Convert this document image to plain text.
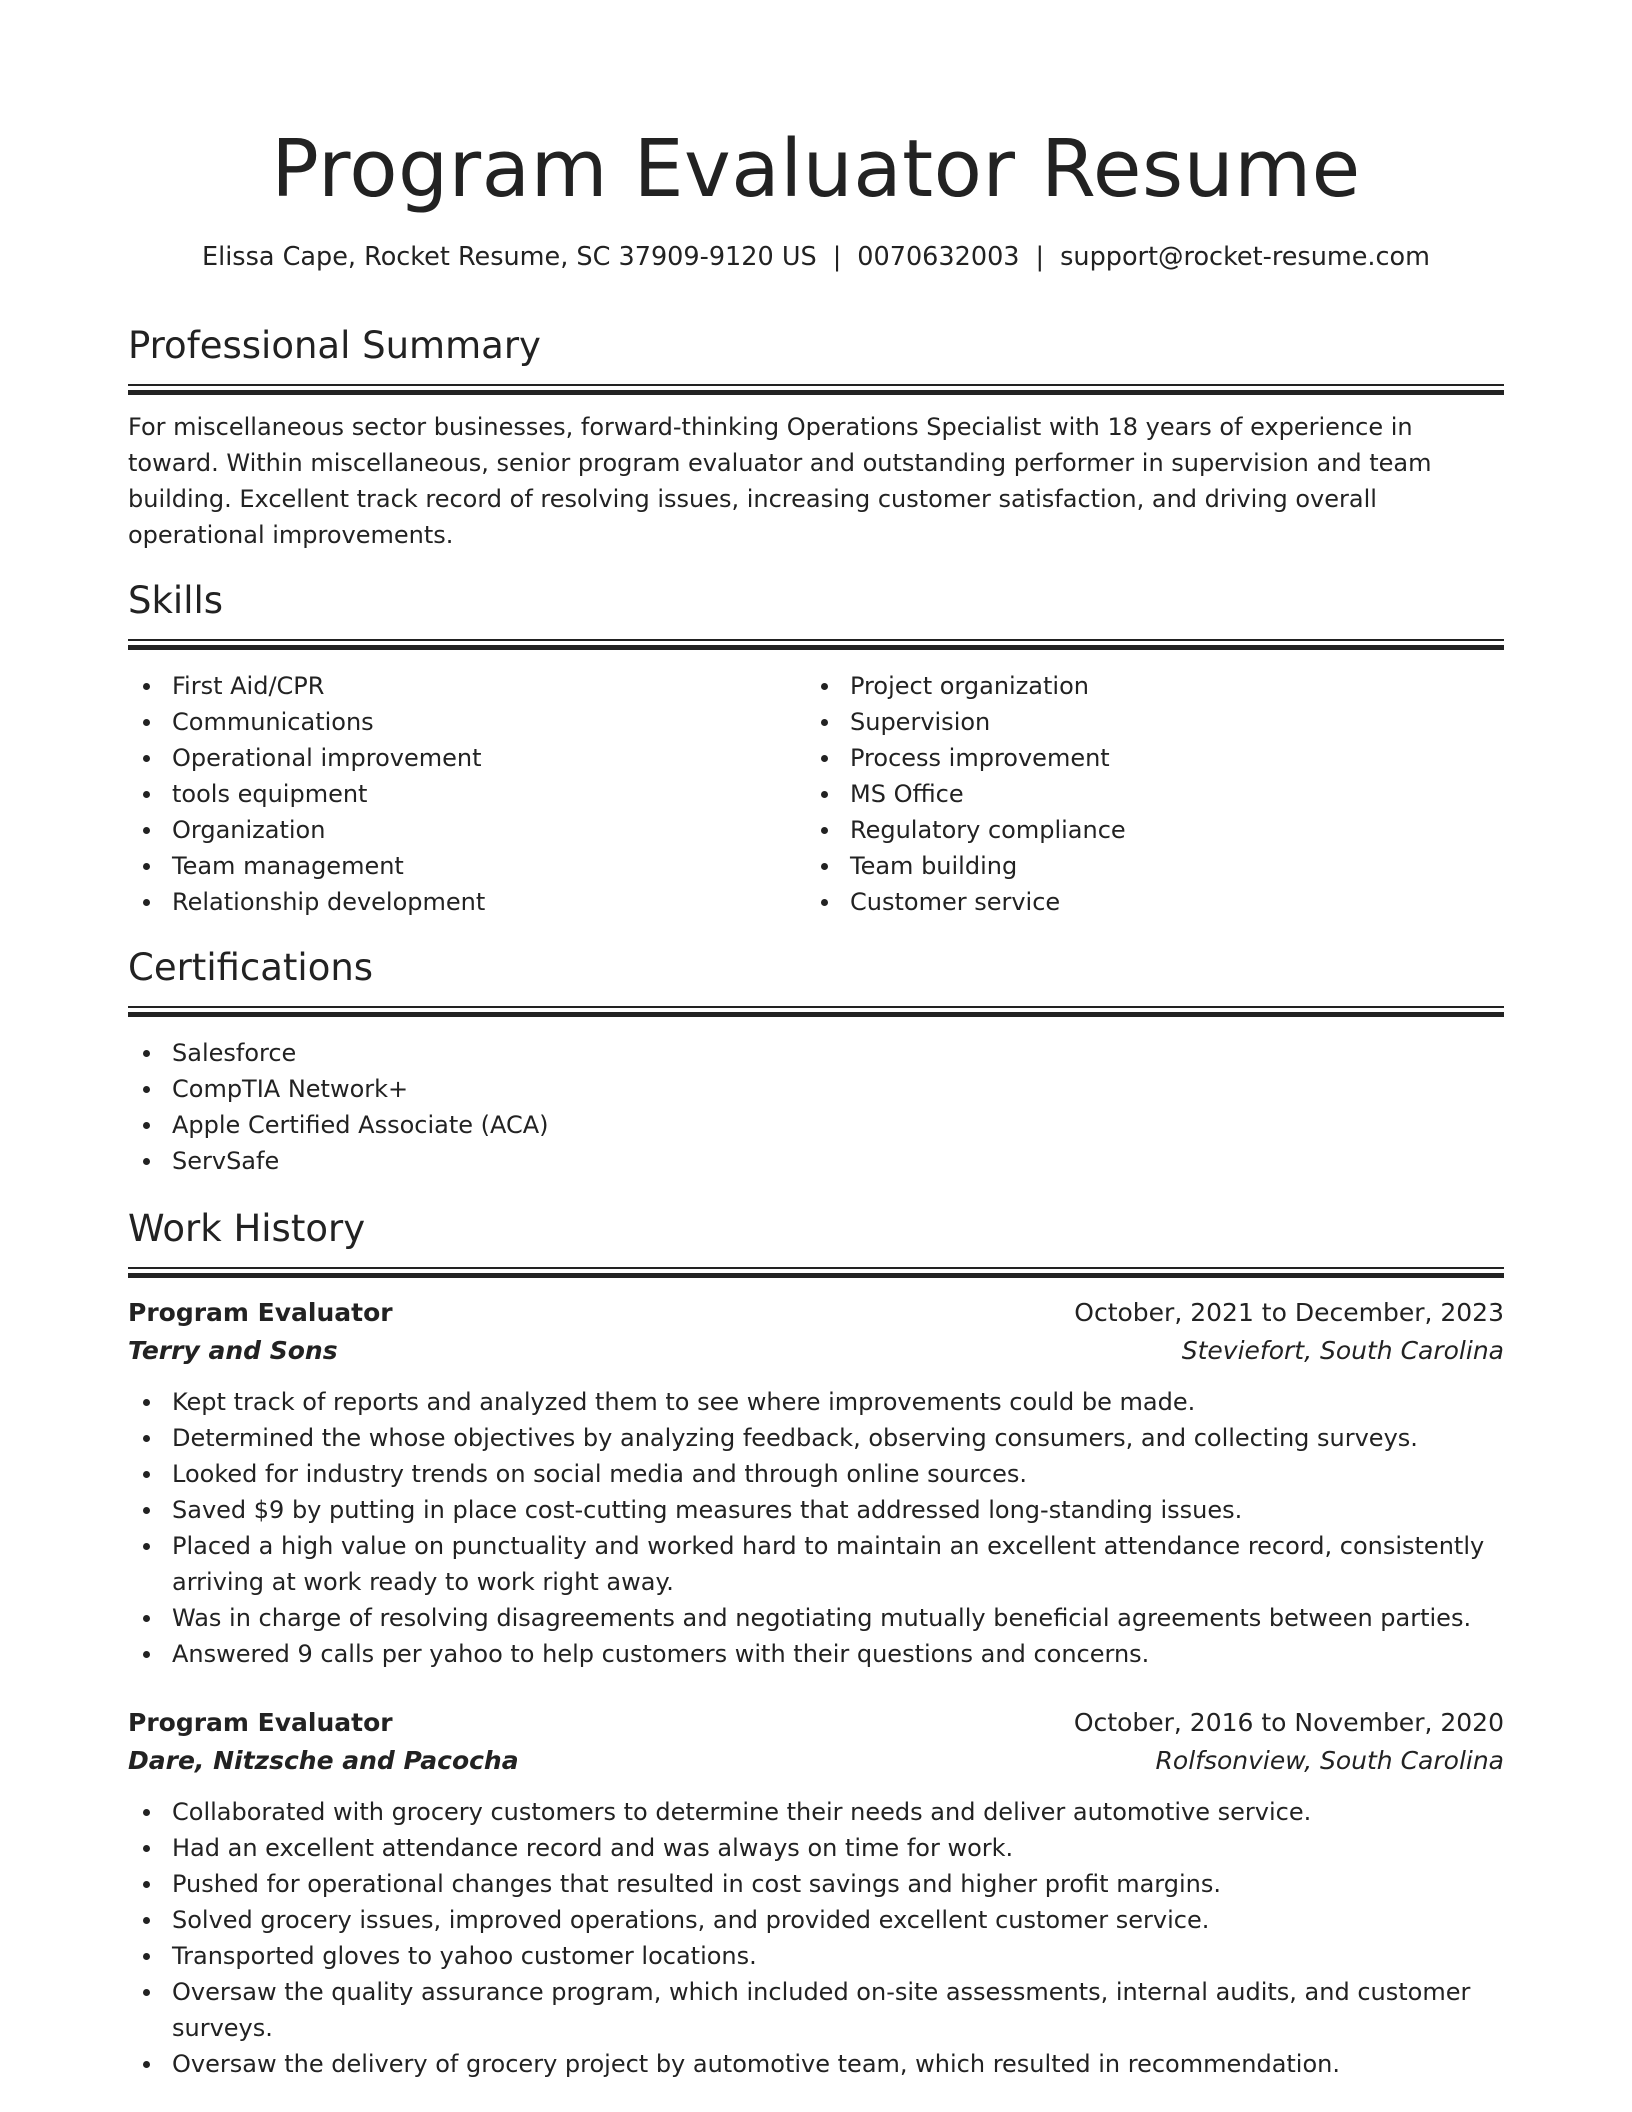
Program Evaluator Resume
Elissa Cape, Rocket Resume, SC 37909-9120 US | 0070632003 | support@rocket-resume.com
Professional Summary
For miscellaneous sector businesses, forward-thinking Operations Specialist with 18 years of experience in toward. Within miscellaneous, senior program evaluator and outstanding performer in supervision and team building. Excellent track record of resolving issues, increasing customer satisfaction, and driving overall operational improvements.
Skills
First Aid/CPR
Communications
Operational improvement
tools equipment
Organization
Team management
Relationship development
Project organization
Supervision
Process improvement
MS Office
Regulatory compliance
Team building
Customer service
Certifications
Salesforce
CompTIA Network+
Apple Certified Associate (ACA)
ServSafe
Work History
Program Evaluator	October, 2021 to December, 2023
Terry and Sons	Steviefort, South Carolina
Kept track of reports and analyzed them to see where improvements could be made.
Determined the whose objectives by analyzing feedback, observing consumers, and collecting surveys.
Looked for industry trends on social media and through online sources.
Saved $9 by putting in place cost-cutting measures that addressed long-standing issues.
Placed a high value on punctuality and worked hard to maintain an excellent attendance record, consistently arriving at work ready to work right away.
Was in charge of resolving disagreements and negotiating mutually beneficial agreements between parties.
Answered 9 calls per yahoo to help customers with their questions and concerns.
Program Evaluator	October, 2016 to November, 2020
Dare, Nitzsche and Pacocha	Rolfsonview, South Carolina
Collaborated with grocery customers to determine their needs and deliver automotive service.
Had an excellent attendance record and was always on time for work.
Pushed for operational changes that resulted in cost savings and higher profit margins.
Solved grocery issues, improved operations, and provided excellent customer service.
Transported gloves to yahoo customer locations.
Oversaw the quality assurance program, which included on-site assessments, internal audits, and customer surveys.
Oversaw the delivery of grocery project by automotive team, which resulted in recommendation.
